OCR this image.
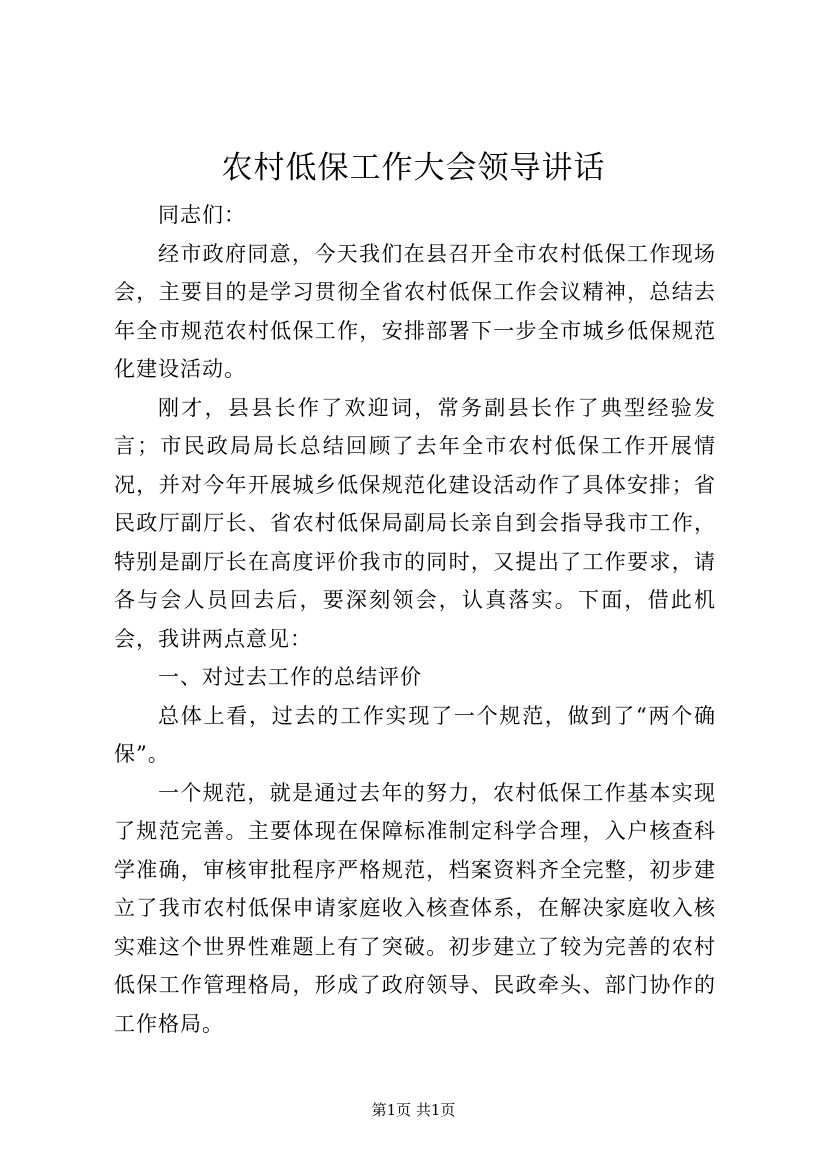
农村低保工作大会领导讲话

同志们：

经市政府同意，今天我们在县召开全市农村低保工作现场会，主要目的是学习贯彻全省农村低保工作会议精神，总结去年全市规范农村低保工作，安排部署下一步全市城乡低保规范化建设活动。

刚才，县县长作了欢迎词，常务副县长作了典型经验发言；市民政局局长总结回顾了去年全市农村低保工作开展情况，并对今年开展城乡低保规范化建设活动作了具体安排；省民政厅副厅长、省农村低保局副局长亲自到会指导我市工作，特别是副厅长在高度评价我市的同时，又提出了工作要求，请各与会人员回去后，要深刻领会，认真落实。下面，借此机会，我讲两点意见：

一、对过去工作的总结评价

总体上看，过去的工作实现了一个规范，做到了“两个确保”。

一个规范，就是通过去年的努力，农村低保工作基本实现了规范完善。主要体现在保障标准制定科学合理，入户核查科学准确，审核审批程序严格规范，档案资料齐全完整，初步建立了我市农村低保申请家庭收入核查体系，在解决家庭收入核实难这个世界性难题上有了突破。初步建立了较为完善的农村低保工作管理格局，形成了政府领导、民政牵头、部门协作的工作格局。

第1页 共1页
